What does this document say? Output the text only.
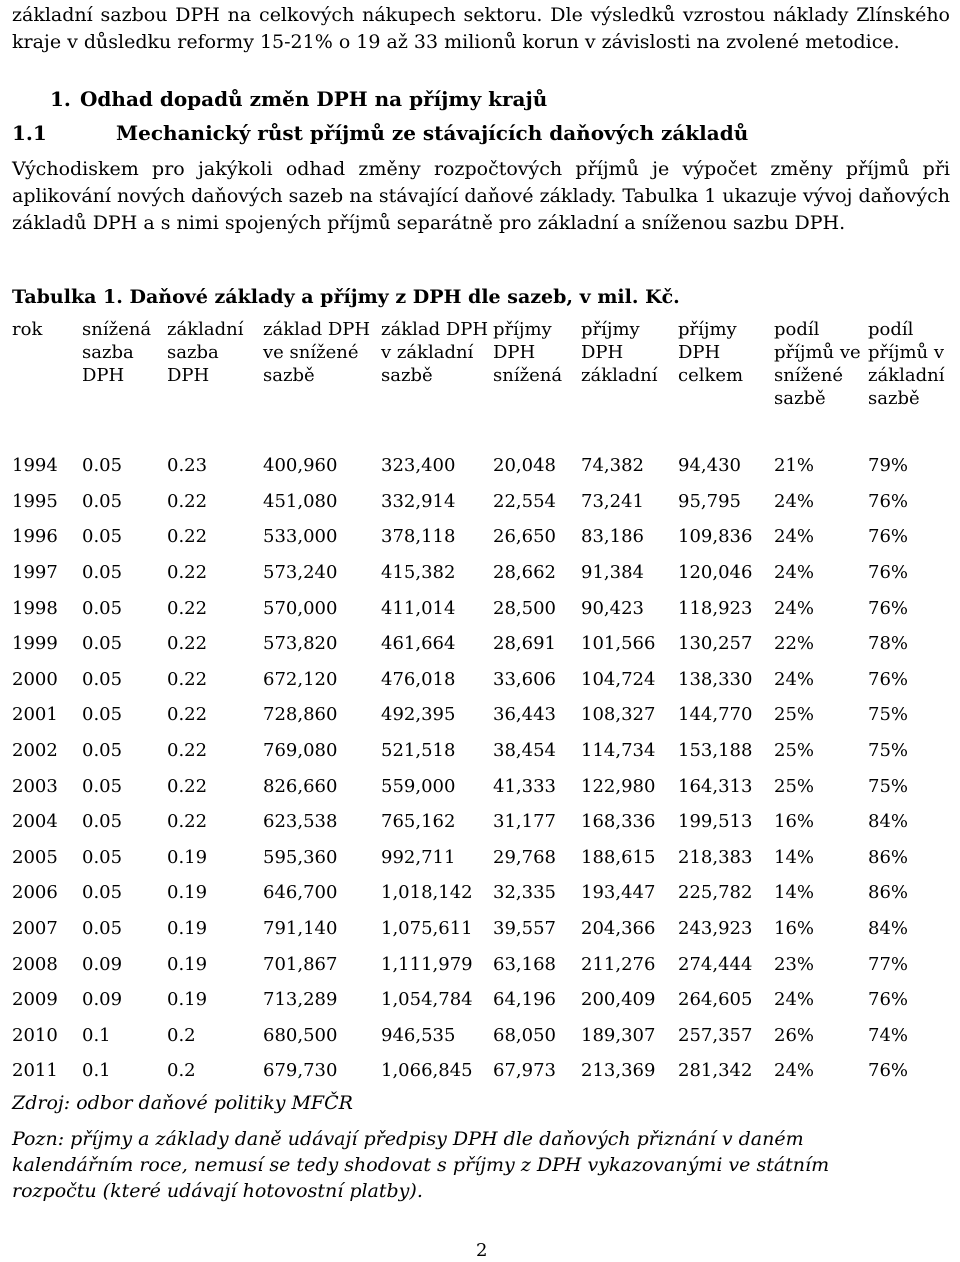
základní sazbou DPH na celkových nákupech sektoru. Dle výsledků vzrostou náklady Zlínského kraje v důsledku reformy 15-21% o 19 až 33 milionů korun v závislosti na zvolené metodice.

1. Odhad dopadů změn DPH na příjmy krajů
1.1	Mechanický růst příjmů ze stávajících daňových základů

Východiskem pro jakýkoli odhad změny rozpočtových příjmů je výpočet změny příjmů při aplikování nových daňových sazeb na stávající daňové základy. Tabulka 1 ukazuje vývoj daňových základů DPH a s nimi spojených příjmů separátně pro základní a sníženou sazbu DPH.

Tabulka 1. Daňové základy a příjmy z DPH dle sazeb, v mil. Kč.
rok	snížená sazba DPH	základní sazba DPH	základ DPH ve snížené sazbě	základ DPH v základní sazbě	příjmy DPH snížená	příjmy DPH základní	příjmy DPH celkem	podíl příjmů ve snížené sazbě	podíl příjmů v základní sazbě
1994	0.05	0.23	400,960	323,400	20,048	74,382	94,430	21%	79%
1995	0.05	0.22	451,080	332,914	22,554	73,241	95,795	24%	76%
1996	0.05	0.22	533,000	378,118	26,650	83,186	109,836	24%	76%
1997	0.05	0.22	573,240	415,382	28,662	91,384	120,046	24%	76%
1998	0.05	0.22	570,000	411,014	28,500	90,423	118,923	24%	76%
1999	0.05	0.22	573,820	461,664	28,691	101,566	130,257	22%	78%
2000	0.05	0.22	672,120	476,018	33,606	104,724	138,330	24%	76%
2001	0.05	0.22	728,860	492,395	36,443	108,327	144,770	25%	75%
2002	0.05	0.22	769,080	521,518	38,454	114,734	153,188	25%	75%
2003	0.05	0.22	826,660	559,000	41,333	122,980	164,313	25%	75%
2004	0.05	0.22	623,538	765,162	31,177	168,336	199,513	16%	84%
2005	0.05	0.19	595,360	992,711	29,768	188,615	218,383	14%	86%
2006	0.05	0.19	646,700	1,018,142	32,335	193,447	225,782	14%	86%
2007	0.05	0.19	791,140	1,075,611	39,557	204,366	243,923	16%	84%
2008	0.09	0.19	701,867	1,111,979	63,168	211,276	274,444	23%	77%
2009	0.09	0.19	713,289	1,054,784	64,196	200,409	264,605	24%	76%
2010	0.1	0.2	680,500	946,535	68,050	189,307	257,357	26%	74%
2011	0.1	0.2	679,730	1,066,845	67,973	213,369	281,342	24%	76%
Zdroj: odbor daňové politiky MFČR
Pozn: příjmy a základy daně udávají předpisy DPH dle daňových přiznání v daném kalendářním roce, nemusí se tedy shodovat s příjmy z DPH vykazovanými ve státním rozpočtu (které udávají hotovostní platby).
2
